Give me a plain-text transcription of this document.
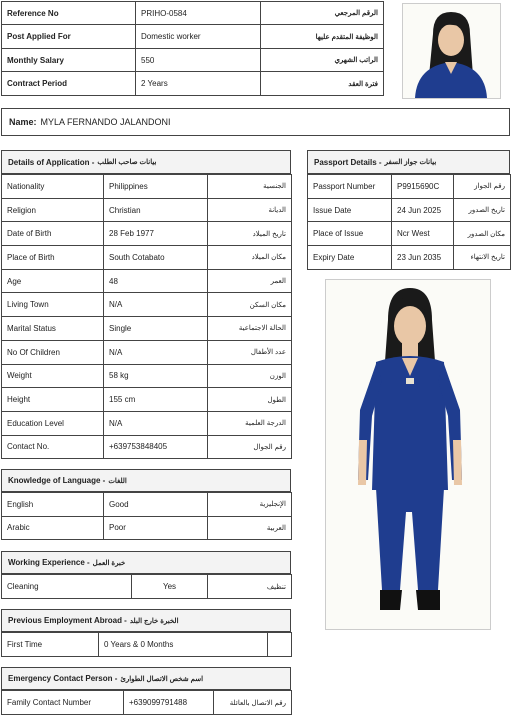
Reference No	PRIHO-0584	الرقم المرجعي
Post Applied For	Domestic worker	الوظيفة المتقدم عليها
Monthly Salary	550	الراتب الشهري
Contract Period	2 Years	فترة العقد
Name: MYLA FERNANDO JALANDONI
Details of Application - بيانات صاحب الطلب
Nationality	Philippines	الجنسية
Religion	Christian	الديانة
Date of Birth	28 Feb 1977	تاريخ الميلاد
Place of Birth	South Cotabato	مكان الميلاد
Age	48	العمر
Living Town	N/A	مكان السكن
Marital Status	Single	الحالة الاجتماعية
No Of Children	N/A	عدد الأطفال
Weight	58 kg	الوزن
Height	155 cm	الطول
Education Level	N/A	الدرجة العلمية
Contact No.	+639753848405	رقم الجوال
Passport Details - بيانات جواز السفر
Passport Number	P9915690C	رقم الجواز
Issue Date	24 Jun 2025	تاريخ الصدور
Place of Issue	Ncr West	مكان الصدور
Expiry Date	23 Jun 2035	تاريخ الانتهاء
Knowledge of Language - اللغات
English	Good	الإنجليزية
Arabic	Poor	العربية
Working Experience - خبرة العمل
Cleaning	Yes	تنظيف
Previous Employment Abroad - الخبرة خارج البلد
First Time	0 Years & 0 Months	
Emergency Contact Person - اسم شخص الاتصال الطوارئ
Family Contact Number	+639099791488	رقم الاتصال بالعائلة
